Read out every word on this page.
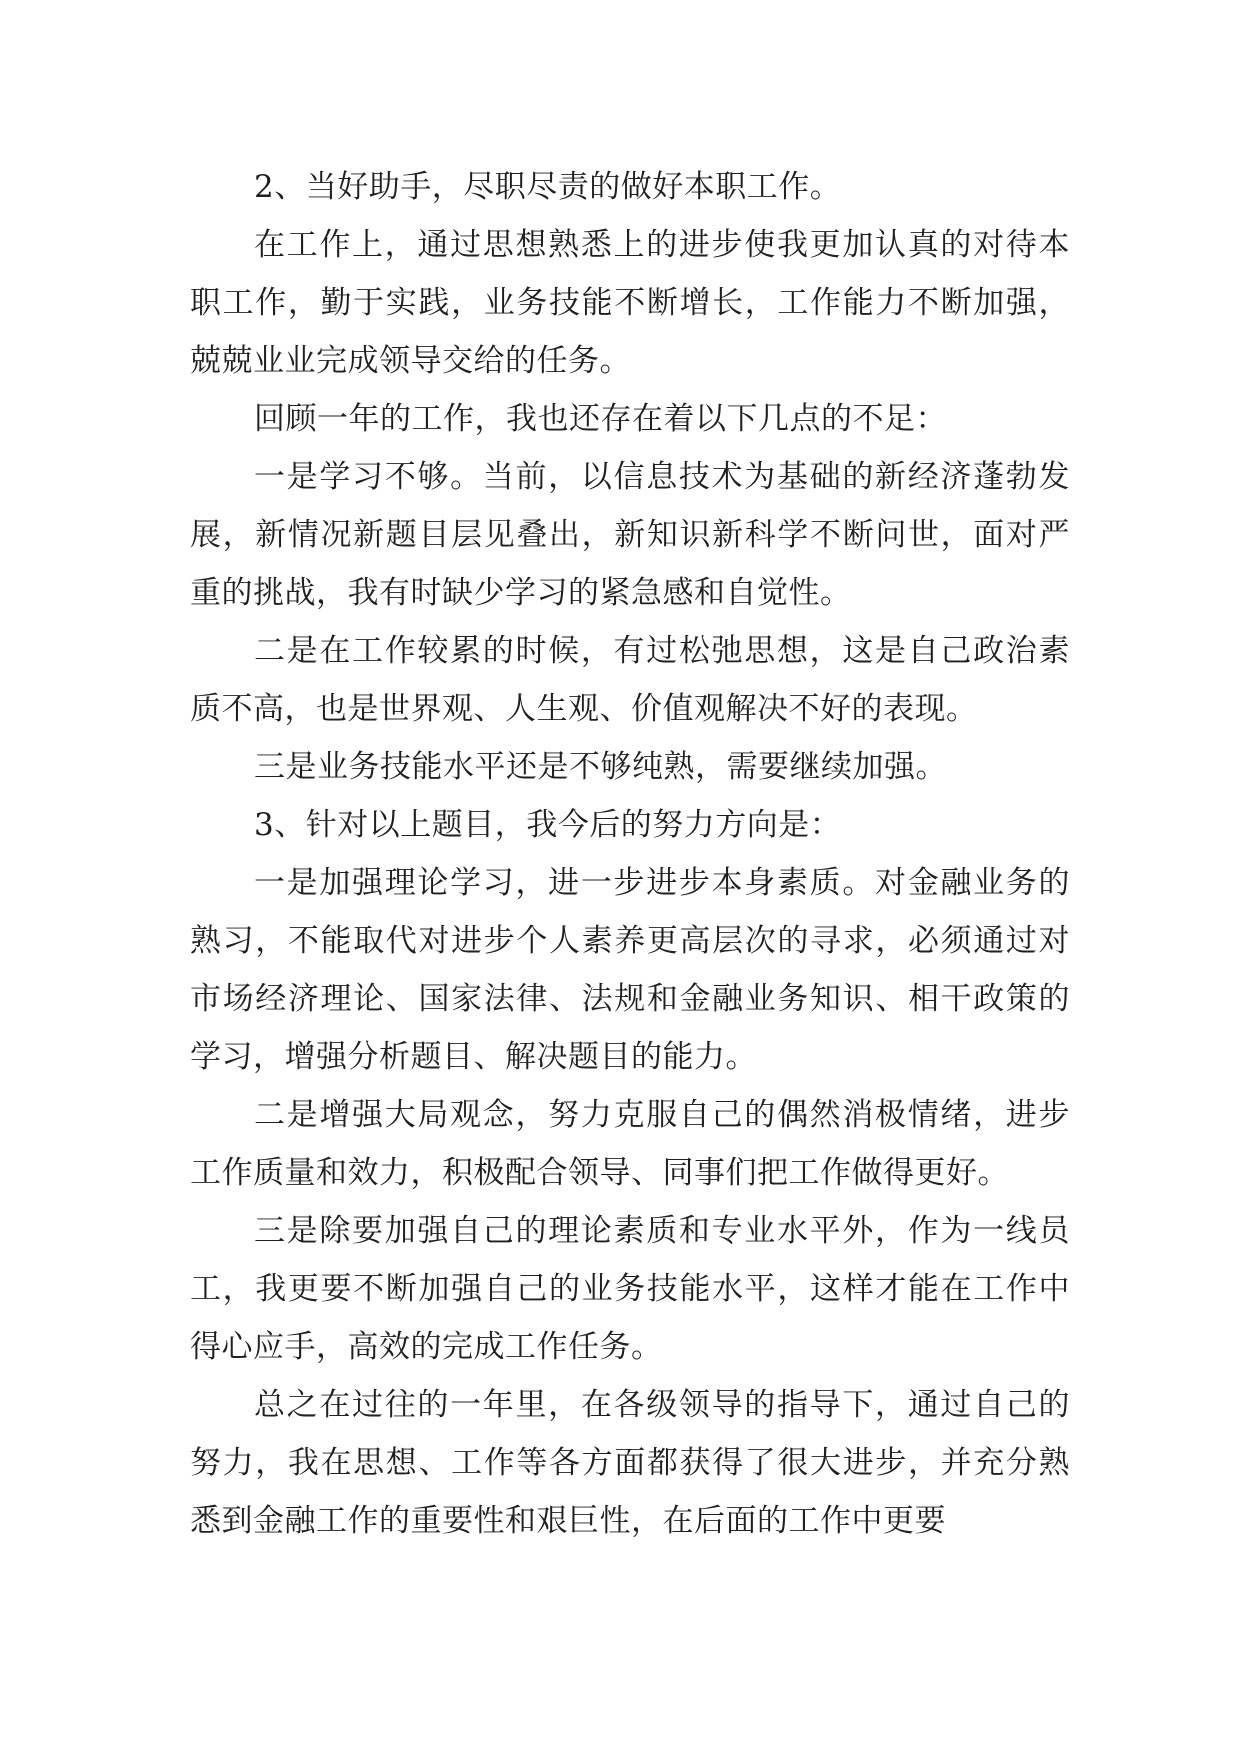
2、当好助手，尽职尽责的做好本职工作。

在工作上，通过思想熟悉上的进步使我更加认真的对待本职工作，勤于实践，业务技能不断增长，工作能力不断加强，兢兢业业完成领导交给的任务。

回顾一年的工作，我也还存在着以下几点的不足：

一是学习不够。当前，以信息技术为基础的新经济蓬勃发展，新情况新题目层见叠出，新知识新科学不断问世，面对严重的挑战，我有时缺少学习的紧急感和自觉性。

二是在工作较累的时候，有过松弛思想，这是自己政治素质不高，也是世界观、人生观、价值观解决不好的表现。

三是业务技能水平还是不够纯熟，需要继续加强。

3、针对以上题目，我今后的努力方向是：

一是加强理论学习，进一步进步本身素质。对金融业务的熟习，不能取代对进步个人素养更高层次的寻求，必须通过对市场经济理论、国家法律、法规和金融业务知识、相干政策的学习，增强分析题目、解决题目的能力。

二是增强大局观念，努力克服自己的偶然消极情绪，进步工作质量和效力，积极配合领导、同事们把工作做得更好。

三是除要加强自己的理论素质和专业水平外，作为一线员工，我更要不断加强自己的业务技能水平，这样才能在工作中得心应手，高效的完成工作任务。

总之在过往的一年里，在各级领导的指导下，通过自己的努力，我在思想、工作等各方面都获得了很大进步，并充分熟悉到金融工作的重要性和艰巨性，在后面的工作中更要
